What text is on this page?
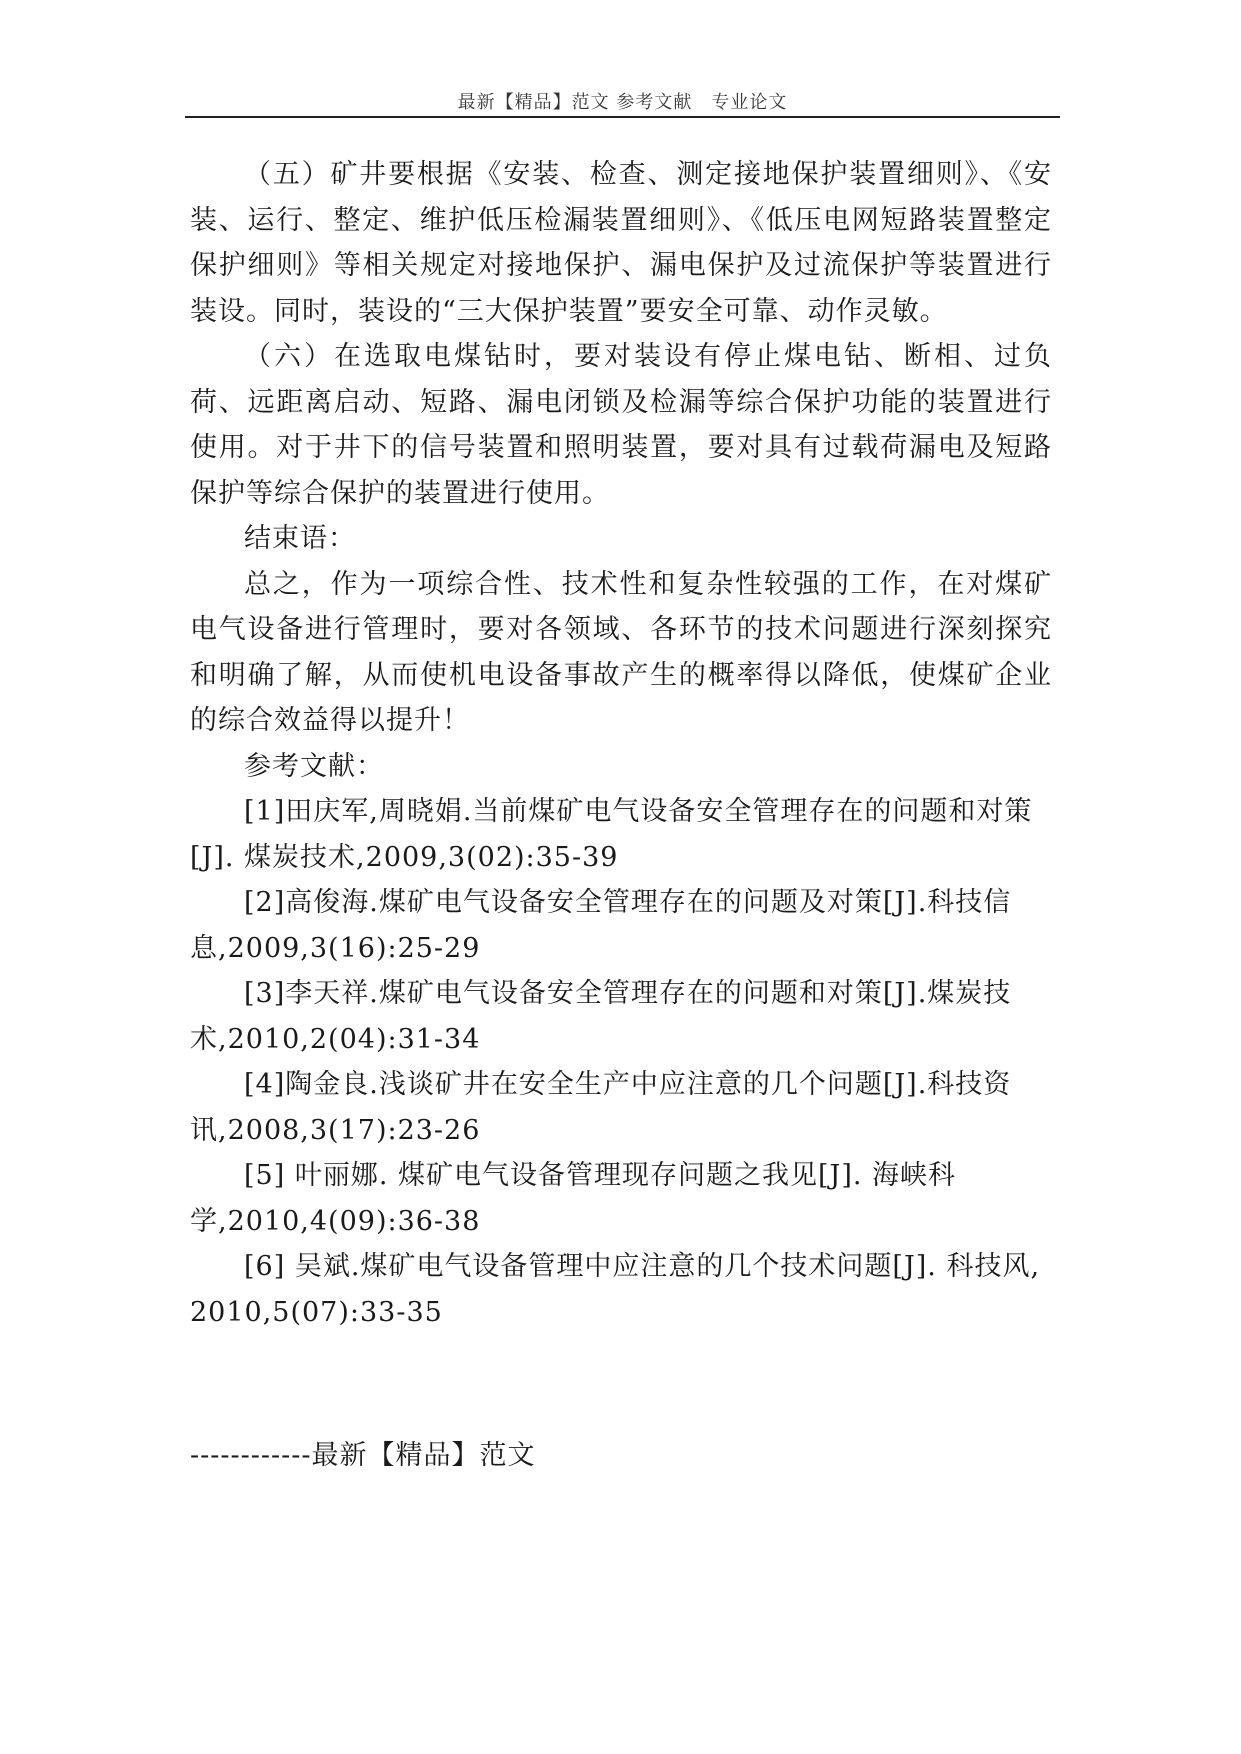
最新【精品】范文 参考文献　专业论文

（五）矿井要根据《安装、检查、测定接地保护装置细则》、《安装、运行、整定、维护低压检漏装置细则》、《低压电网短路装置整定保护细则》等相关规定对接地保护、漏电保护及过流保护等装置进行装设。同时，装设的“三大保护装置”要安全可靠、动作灵敏。

（六）在选取电煤钻时，要对装设有停止煤电钻、断相、过负荷、远距离启动、短路、漏电闭锁及检漏等综合保护功能的装置进行使用。对于井下的信号装置和照明装置，要对具有过载荷漏电及短路保护等综合保护的装置进行使用。

结束语：

总之，作为一项综合性、技术性和复杂性较强的工作，在对煤矿电气设备进行管理时，要对各领域、各环节的技术问题进行深刻探究和明确了解，从而使机电设备事故产生的概率得以降低，使煤矿企业的综合效益得以提升！

参考文献：

[1]田庆军,周晓娟.当前煤矿电气设备安全管理存在的问题和对策[J]. 煤炭技术,2009,3(02):35-39

[2]高俊海.煤矿电气设备安全管理存在的问题及对策[J].科技信息,2009,3(16):25-29

[3]李天祥.煤矿电气设备安全管理存在的问题和对策[J].煤炭技术,2010,2(04):31-34

[4]陶金良.浅谈矿井在安全生产中应注意的几个问题[J].科技资讯,2008,3(17):23-26

[5] 叶丽娜. 煤矿电气设备管理现存问题之我见[J]. 海峡科学,2010,4(09):36-38

[6] 吴斌.煤矿电气设备管理中应注意的几个技术问题[J]. 科技风, 2010,5(07):33-35

------------最新【精品】范文
